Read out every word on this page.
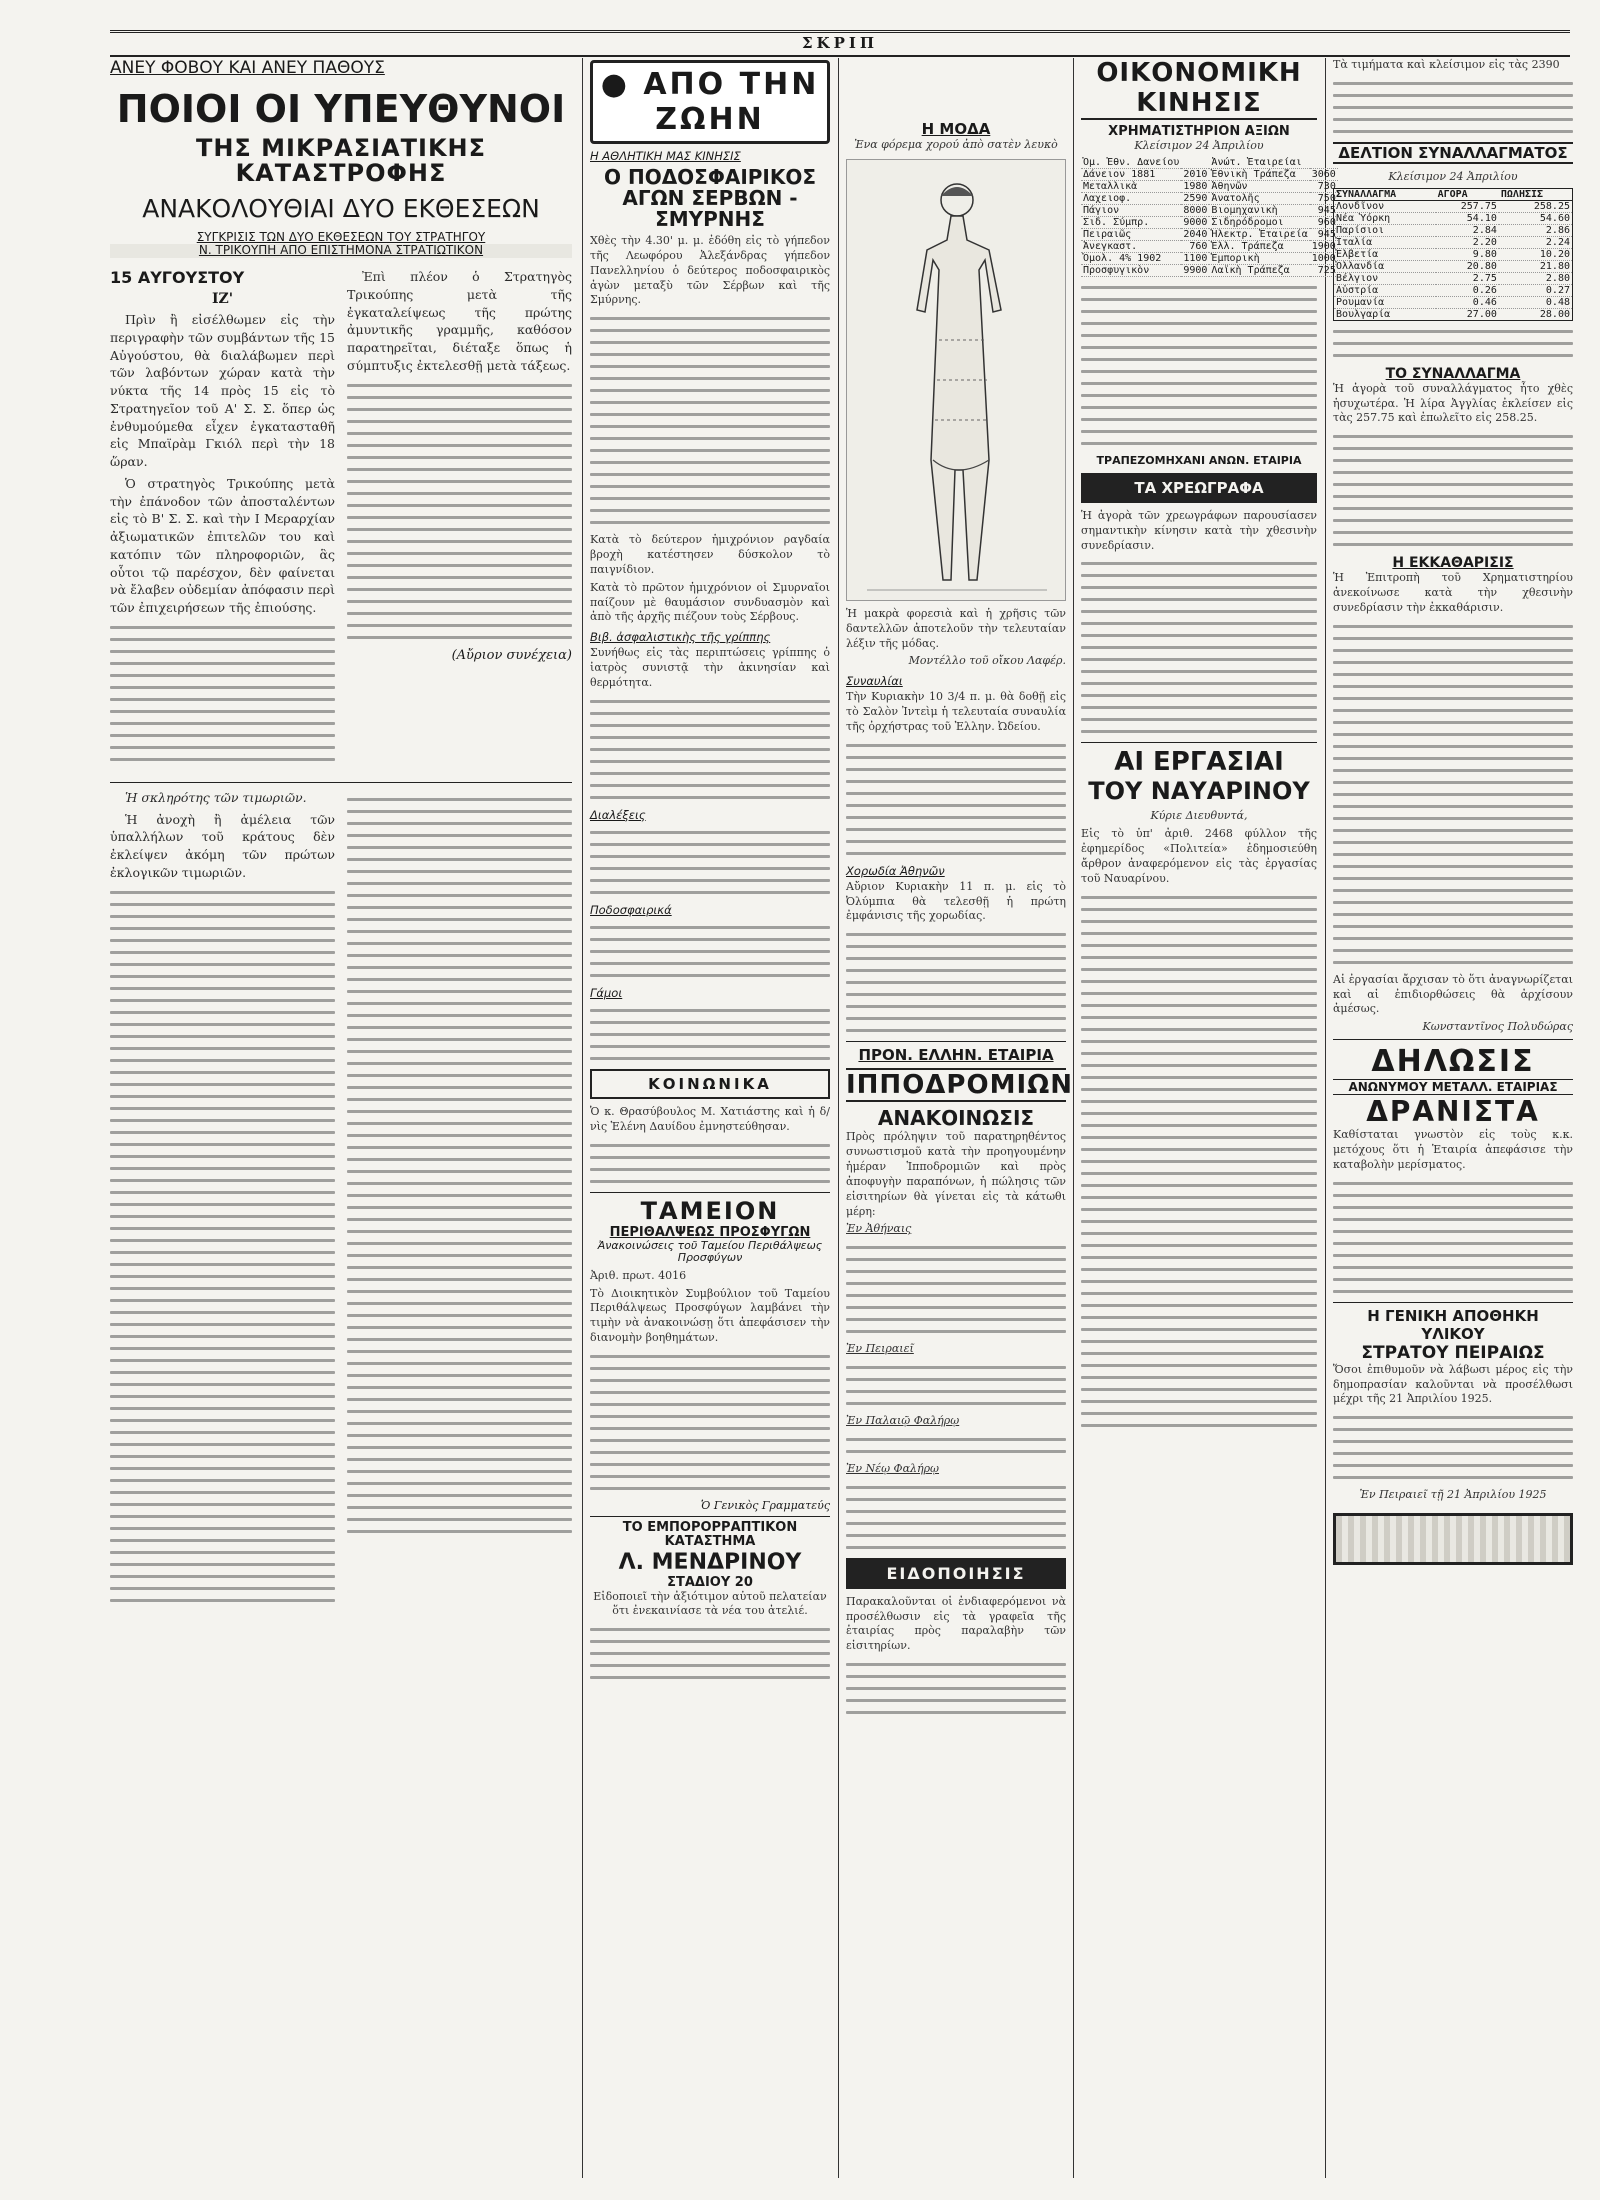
ΣΚΡΙΠ
ΑΝΕΥ ΦΟΒΟΥ ΚΑΙ ΑΝΕΥ ΠΑΘΟΥΣ
ΠΟΙΟΙ ΟΙ ΥΠΕΥΘΥΝΟΙ
ΤΗΣ ΜΙΚΡΑΣΙΑΤΙΚΗΣ ΚΑΤΑΣΤΡΟΦΗΣ
ΑΝΑΚΟΛΟΥΘΙΑΙ ΔΥΟ ΕΚΘΕΣΕΩΝ
ΣΥΓΚΡΙΣΙΣ ΤΩΝ ΔΥΟ ΕΚΘΕΣΕΩΝ ΤΟΥ ΣΤΡΑΤΗΓΟΥ
Ν. ΤΡΙΚΟΥΠΗ ΑΠΟ ΕΠΙΣΤΗΜΟΝΑ ΣΤΡΑΤΙΩΤΙΚΟΝ
15 ΑΥΓΟΥΣΤΟΥ
ΙΖ'

Πρὶν ἢ εἰσέλθωμεν εἰς τὴν περιγραφὴν τῶν συμβάντων τῆς 15 Αὐγούστου, θὰ διαλάβωμεν περὶ τῶν λαβόντων χώραν κατὰ τὴν νύκτα τῆς 14 πρὸς 15 εἰς τὸ Στρατηγεῖον τοῦ Α' Σ. Σ. ὅπερ ὡς ἐνθυμούμεθα εἶχεν ἐγκατασταθῆ εἰς Μπαϊρὰμ Γκιόλ περὶ τὴν 18 ὥραν.

Ὁ στρατηγὸς Τρικούπης μετὰ τὴν ἐπάνοδον τῶν ἀποσταλέντων εἰς τὸ Β' Σ. Σ. καὶ τὴν I Μεραρχίαν ἀξιωματικῶν ἐπιτελῶν του καὶ κατόπιν τῶν πληροφοριῶν, ἃς οὗτοι τῷ παρέσχον, δὲν φαίνεται νὰ ἔλαβεν οὐδεμίαν ἀπόφασιν περὶ τῶν ἐπιχειρήσεων τῆς ἐπιούσης.

Ἐπὶ πλέον ὁ Στρατηγὸς Τρικούπης μετὰ τῆς ἐγκαταλείψεως τῆς πρώτης ἀμυντικῆς γραμμῆς, καθόσον παρατηρεῖται, διέταξε ὅπως ἡ σύμπτυξις ἐκτελεσθῇ μετὰ τάξεως.

(Αὔριον συνέχεια)

Ἡ σκληρότης τῶν τιμωριῶν.

Ἡ ἀνοχὴ ἢ ἀμέλεια τῶν ὑπαλλήλων τοῦ κράτους δὲν ἐκλείψεν ἀκόμη τῶν πρώτων ἐκλογικῶν τιμωριῶν.

● ΑΠΟ ΤΗΝ ΖΩΗΝ
Η ΑΘΛΗΤΙΚΗ ΜΑΣ ΚΙΝΗΣΙΣ
Ο ΠΟΔΟΣΦΑΙΡΙΚΟΣ ΑΓΩΝ ΣΕΡΒΩΝ - ΣΜΥΡΝΗΣ

Χθὲς τὴν 4.30' μ. μ. ἐδόθη εἰς τὸ γήπεδον τῆς Λεωφόρου Ἀλεξάνδρας γήπεδον Πανελληνίου ὁ δεύτερος ποδοσφαιρικὸς ἀγὼν μεταξὺ τῶν Σέρβων καὶ τῆς Σμύρνης.

Κατὰ τὸ δεύτερον ἡμιχρόνιον ραγδαία βροχὴ κατέστησεν δύσκολον τὸ παιγνίδιον.

Κατὰ τὸ πρῶτον ἡμιχρόνιον οἱ Σμυρναῖοι παίζουν μὲ θαυμάσιον συνδυασμὸν καὶ ἀπὸ τῆς ἀρχῆς πιέζουν τοὺς Σέρβους.

Βιβ. ἀσφαλιστικὴς τῆς γρίππης

Συνήθως εἰς τὰς περιπτώσεις γρίππης ὁ ἰατρὸς συνιστᾷ τὴν ἀκινησίαν καὶ θερμότητα.

Διαλέξεις
Ποδοσφαιρικά
Γάμοι
ΚΟΙΝΩΝΙΚΑ

Ὁ κ. Θρασύβουλος Μ. Χατιάστης καὶ ἡ δ/νὶς Ἑλένη Δαυίδου ἐμνηστεύθησαν.

ΤΑΜΕΙΟΝ
ΠΕΡΙΘΑΛΨΕΩΣ ΠΡΟΣΦΥΓΩΝ
Ἀνακοινώσεις τοῦ Ταμείου Περιθάλψεως Προσφύγων
Ἀριθ. πρωτ. 4016

Τὸ Διοικητικὸν Συμβούλιον τοῦ Ταμείου Περιθάλψεως Προσφύγων λαμβάνει τὴν τιμὴν νὰ ἀνακοινώσῃ ὅτι ἀπεφάσισεν τὴν διανομὴν βοηθημάτων.

Ὁ Γενικὸς Γραμματεύς
ΤΟ ΕΜΠΟΡΟΡΡΑΠΤΙΚΟΝ ΚΑΤΑΣΤΗΜΑ
Λ. ΜΕΝΔΡΙΝΟΥ
ΣΤΑΔΙΟΥ 20

Εἰδοποιεῖ τὴν ἀξιότιμον αὐτοῦ πελατείαν ὅτι ἐνεκαινίασε τὰ νέα του ἀτελιέ.

Η ΜΟΔΑ
Ἐνα φόρεμα χορού ἀπὸ σατὲν λευκὸ

Ἡ μακρὰ φορεσιὰ καὶ ἡ χρῆσις τῶν δαντελλῶν ἀποτελοῦν τὴν τελευταίαν λέξιν τῆς μόδας.

Μοντέλλο τοῦ οἴκου Λαφέρ.
Συναυλίαι

Τὴν Κυριακὴν 10 3/4 π. μ. θὰ δοθῇ εἰς τὸ Σαλὸν Ἰντεὶμ ἡ τελευταία συναυλία τῆς ὀρχήστρας τοῦ Ἑλλην. Ὠδείου.

Χορωδία Ἀθηνῶν

Αὔριον Κυριακὴν 11 π. μ. εἰς τὸ Ὀλύμπια θὰ τελεσθῇ ἡ πρώτη ἐμφάνισις τῆς χορωδίας.

ΠΡΟΝ. ΕΛΛΗΝ. ΕΤΑΙΡΙΑ
ΙΠΠΟΔΡΟΜΙΩΝ
ΑΝΑΚΟΙΝΩΣΙΣ

Πρὸς πρόληψιν τοῦ παρατηρηθέντος συνωστισμοῦ κατὰ τὴν προηγουμένην ἡμέραν Ἱπποδρομιῶν καὶ πρὸς ἀποφυγὴν παραπόνων, ἡ πώλησις τῶν εἰσιτηρίων θὰ γίνεται εἰς τὰ κάτωθι μέρη:

Ἐν Ἀθήναις
Ἐν Πειραιεῖ
Ἐν Παλαιῷ Φαλήρῳ
Ἐν Νέῳ Φαλήρῳ
ΕΙΔΟΠΟΙΗΣΙΣ

Παρακαλοῦνται οἱ ἐνδιαφερόμενοι νὰ προσέλθωσιν εἰς τὰ γραφεῖα τῆς ἑταιρίας πρὸς παραλαβὴν τῶν εἰσιτηρίων.

ΟΙΚΟΝΟΜΙΚΗ ΚΙΝΗΣΙΣ
ΧΡΗΜΑΤΙΣΤΗΡΙΟΝ ΑΞΙΩΝ
Κλείσιμον 24 Ἀπριλίου
Ὁμ. Ἐθν. Δανείου		Ἀνώτ. Ἑταιρείαι	
Δάνειον 1881	2010	Ἐθνικὴ Τράπεζα	3060
Μεταλλικὰ	1980	Ἀθηνῶν	730
Λαχειοφ.	2590	Ἀνατολῆς	750
Πάγιον	8000	Βιομηχανικὴ	945
Σιδ. Σύμπρ.	9000	Σιδηρόδρομοι	960
Πειραιῶς	2040	Ἡλεκτρ. Ἑταιρεία	945
Ἀνεγκαστ.	760	Ἑλλ. Τράπεζα	1900
Ὁμολ. 4% 1902	1100	Ἐμπορικὴ	1000
Προσφυγικὸν	9900	Λαϊκὴ Τράπεζα	725
ΤΡΑΠΕΖΟΜΗΧΑΝΙ ΑΝΩΝ. ΕΤΑΙΡΙΑ
ΤΑ ΧΡΕΩΓΡΑΦΑ

Ἡ ἀγορὰ τῶν χρεωγράφων παρουσίασεν σημαντικὴν κίνησιν κατὰ τὴν χθεσινὴν συνεδρίασιν.

ΑΙ ΕΡΓΑΣΙΑΙ
ΤΟΥ ΝΑΥΑΡΙΝΟΥ
Κύριε Διευθυντά,

Εἰς τὸ ὑπ' ἀριθ. 2468 φύλλον τῆς ἐφημερίδος «Πολιτεία» ἐδημοσιεύθη ἄρθρον ἀναφερόμενον εἰς τὰς ἐργασίας τοῦ Ναυαρίνου.

Τὰ τιμήματα καὶ κλείσιμον εἰς τὰς 2390

ΔΕΛΤΙΟΝ ΣΥΝΑΛΛΑΓΜΑΤΟΣ
Κλείσιμον 24 Ἀπριλίου
ΣΥΝΑΛΛΑΓΜΑ	ΑΓΟΡΑ	ΠΩΛΗΣΙΣ
Λονδῖνον	257.75	258.25
Νέα Ὑόρκη	54.10	54.60
Παρίσιοι	2.84	2.86
Ἰταλία	2.20	2.24
Ἑλβετία	9.80	10.20
Ὁλλανδία	20.80	21.80
Βέλγιον	2.75	2.80
Αὐστρία	0.26	0.27
Ρουμανία	0.46	0.48
Βουλγαρία	27.00	28.00
ΤΟ ΣΥΝΑΛΛΑΓΜΑ

Ἡ ἀγορὰ τοῦ συναλλάγματος ἦτο χθὲς ἡσυχωτέρα. Ἡ λίρα Ἀγγλίας ἐκλείσεν εἰς τὰς 257.75 καὶ ἐπωλεῖτο εἰς 258.25.

Η ΕΚΚΑΘΑΡΙΣΙΣ

Ἡ Ἐπιτροπὴ τοῦ Χρηματιστηρίου ἀνεκοίνωσε κατὰ τὴν χθεσινὴν συνεδρίασιν τὴν ἐκκαθάρισιν.

Αἱ ἐργασίαι ἄρχισαν τὸ ὅτι ἀναγνωρίζεται καὶ αἱ ἐπιδιορθώσεις θὰ ἀρχίσουν ἀμέσως.

Κωνσταντῖνος Πολυδώρας
ΔΗΛΩΣΙΣ
ΑΝΩΝΥΜΟΥ ΜΕΤΑΛΛ. ΕΤΑΙΡΙΑΣ
ΔΡΑΝΙΣΤΑ

Καθίσταται γνωστὸν εἰς τοὺς κ.κ. μετόχους ὅτι ἡ Ἑταιρία ἀπεφάσισε τὴν καταβολὴν μερίσματος.

Η ΓΕΝΙΚΗ ΑΠΟΘΗΚΗ ΥΛΙΚΟΥ
ΣΤΡΑΤΟΥ ΠΕΙΡΑΙΩΣ

Ὅσοι ἐπιθυμοῦν νὰ λάβωσι μέρος εἰς τὴν δημοπρασίαν καλοῦνται νὰ προσέλθωσι μέχρι τῆς 21 Ἀπριλίου 1925.

Ἐν Πειραιεῖ τῇ 21 Ἀπριλίου 1925
